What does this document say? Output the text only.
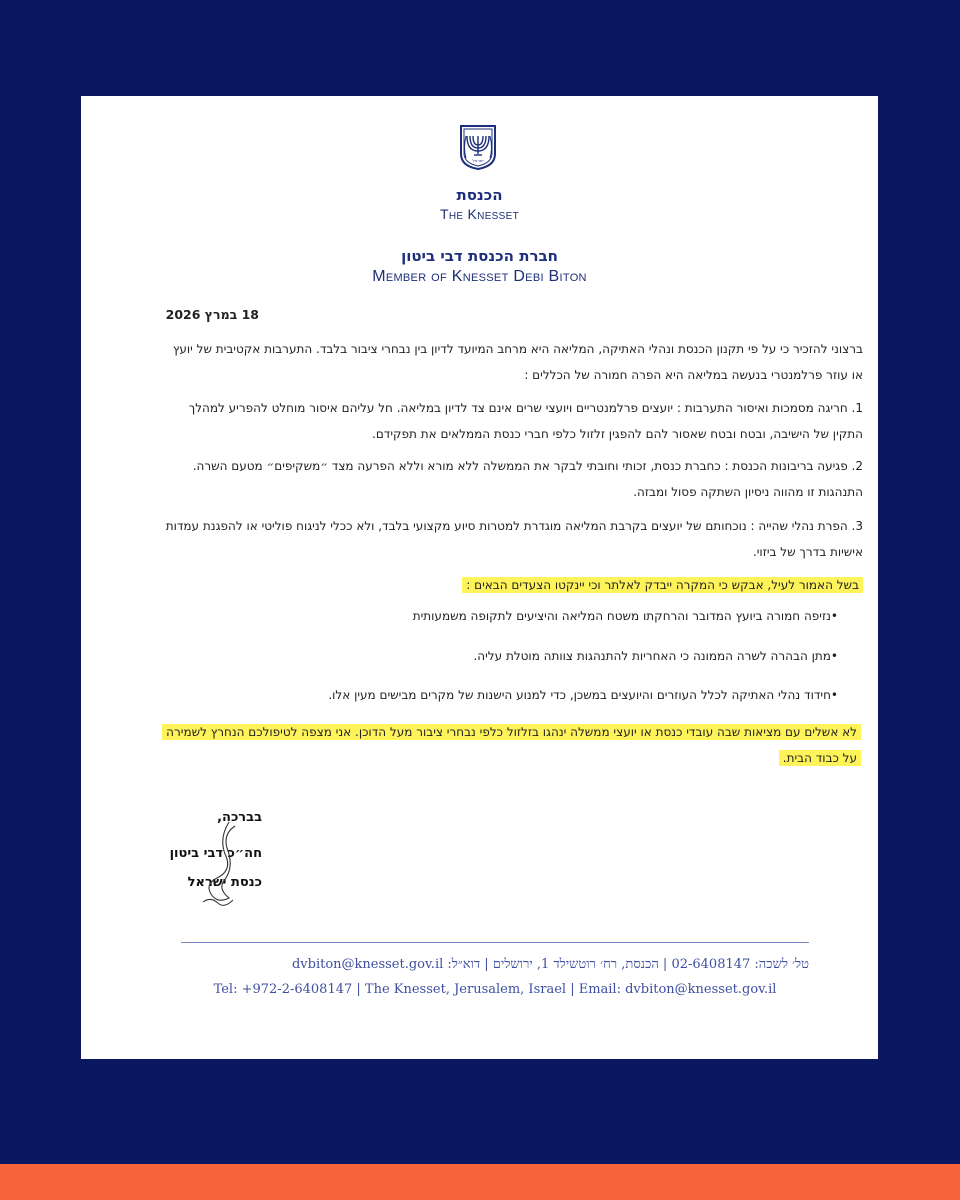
ישראל
הכנסת
The Knesset
חברת הכנסת דבי ביטון
Member of Knesset Debi Biton
18 במרץ 2026
ברצוני להזכיר כי על פי תקנון הכנסת ונהלי האתיקה, המליאה היא מרחב המיועד לדיון בין נבחרי ציבור בלבד. התערבות אקטיבית של יועץ או עוזר פרלמנטרי בנעשה במליאה היא הפרה חמורה של הכללים :
1. חריגה מסמכות ואיסור התערבות : יועצים פרלמנטריים ויועצי שרים אינם צד לדיון במליאה. חל עליהם איסור מוחלט להפריע למהלך התקין של הישיבה, ובטח ובטח שאסור להם להפגין זלזול כלפי חברי כנסת הממלאים את תפקידם.
2. פגיעה בריבונות הכנסת : כחברת כנסת, זכותי וחובתי לבקר את הממשלה ללא מורא וללא הפרעה מצד ״משקיפים״ מטעם השרה. התנהגות זו מהווה ניסיון השתקה פסול ומבזה.
3. הפרת נהלי שהייה : נוכחותם של יועצים בקרבת המליאה מוגדרת למטרות סיוע מקצועי בלבד, ולא ככלי לניגוח פוליטי או להפגנת עמדות אישיות בדרך של ביזוי.
בשל האמור לעיל, אבקש כי המקרה ייבדק לאלתר וכי יינקטו הצעדים הבאים :
•נזיפה חמורה ביועץ המדובר והרחקתו משטח המליאה והיציעים לתקופה משמעותית
•מתן הבהרה לשרה הממונה כי האחריות להתנהגות צוותה מוטלת עליה.
•חידוד נהלי האתיקה לכלל העוזרים והיועצים במשכן, כדי למנוע הישנות של מקרים מבישים מעין אלו.
לא אשלים עם מציאות שבה עובדי כנסת או יועצי ממשלה ינהגו בזלזול כלפי נבחרי ציבור מעל הדוכן. אני מצפה לטיפולכם הנחרץ לשמירה על כבוד הבית.
בברכה,
חה״כ דבי ביטון
כנסת ישראל
טל׳ לשכה: 02-6408147 | הכנסת, רח׳ רוטשילד 1, ירושלים | דוא״ל: dvbiton@knesset.gov.il
Tel: +972-2-6408147 | The Knesset, Jerusalem, Israel | Email: dvbiton@knesset.gov.il
